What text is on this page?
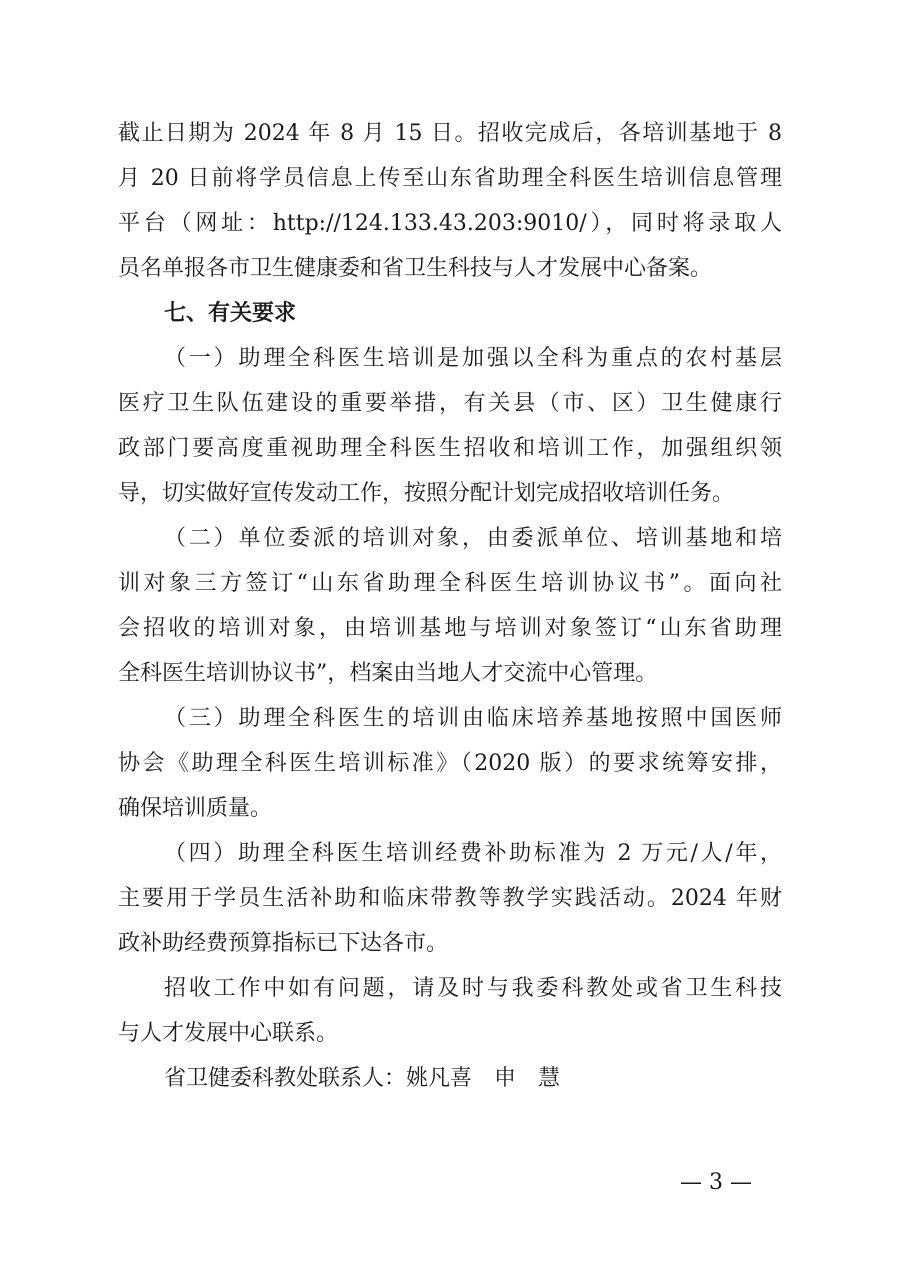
截止日期为 2024 年 8 月 15 日。招收完成后，各培训基地于 8
月 20 日前将学员信息上传至山东省助理全科医生培训信息管理
平台（网址：http://124.133.43.203:9010/），同时将录取人
员名单报各市卫生健康委和省卫生科技与人才发展中心备案。
七、有关要求
（一）助理全科医生培训是加强以全科为重点的农村基层
医疗卫生队伍建设的重要举措，有关县（市、区）卫生健康行
政部门要高度重视助理全科医生招收和培训工作，加强组织领
导，切实做好宣传发动工作，按照分配计划完成招收培训任务。
（二）单位委派的培训对象，由委派单位、培训基地和培
训对象三方签订“山东省助理全科医生培训协议书”。面向社
会招收的培训对象，由培训基地与培训对象签订“山东省助理
全科医生培训协议书”，档案由当地人才交流中心管理。
（三）助理全科医生的培训由临床培养基地按照中国医师
协会《助理全科医生培训标准》（2020 版）的要求统筹安排，
确保培训质量。
（四）助理全科医生培训经费补助标准为 2 万元/人/年，
主要用于学员生活补助和临床带教等教学实践活动。2024 年财
政补助经费预算指标已下达各市。
招收工作中如有问题，请及时与我委科教处或省卫生科技
与人才发展中心联系。
省卫健委科教处联系人：姚凡喜　申　慧
— 3 —
